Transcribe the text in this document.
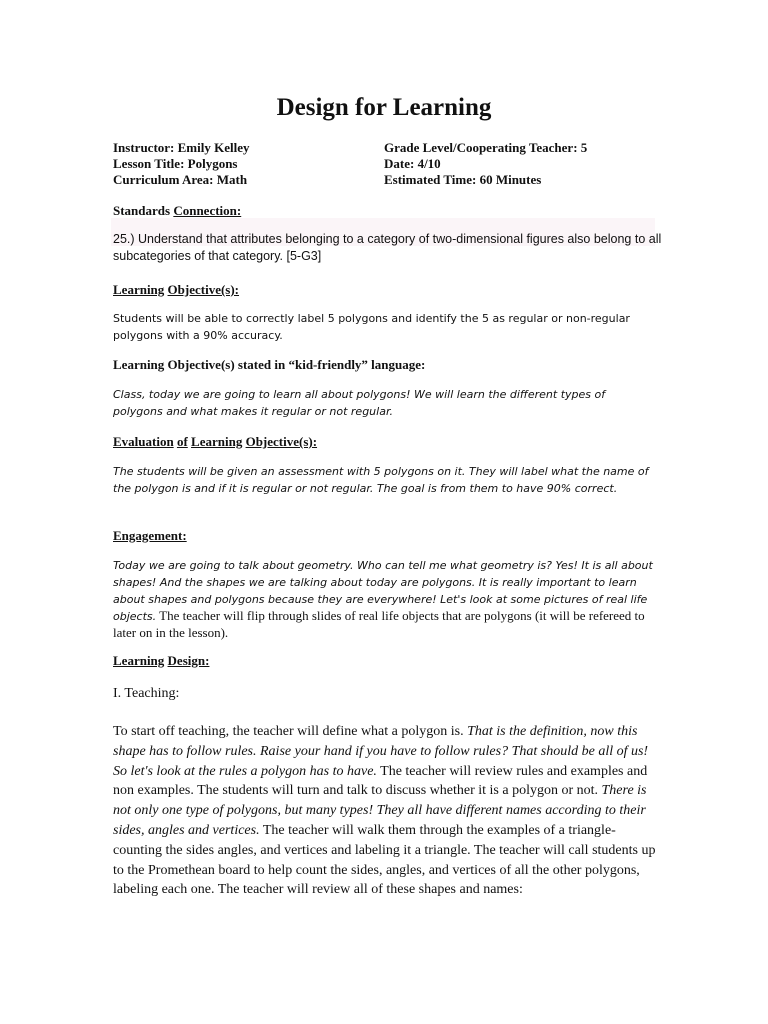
Design for Learning
Instructor: Emily Kelley
Lesson Title: Polygons
Curriculum Area: Math
Grade Level/Cooperating Teacher: 5
Date: 4/10
Estimated Time: 60 Minutes
Standards Connection:
25.) Understand that attributes belonging to a category of two-dimensional figures also belong to all subcategories of that category. [5-G3]
Learning Objective(s):
Students will be able to correctly label 5 polygons and identify the 5 as regular or non-regular polygons with a 90% accuracy.
Learning Objective(s) stated in “kid-friendly” language:
Class, today we are going to learn all about polygons! We will learn the different types of polygons and what makes it regular or not regular.
Evaluation of Learning Objective(s):
The students will be given an assessment with 5 polygons on it. They will label what the name of the polygon is and if it is regular or not regular. The goal is from them to have 90% correct.
Engagement:
Today we are going to talk about geometry. Who can tell me what geometry is? Yes! It is all about shapes! And the shapes we are talking about today are polygons. It is really important to learn about shapes and polygons because they are everywhere! Let's look at some pictures of real life objects. The teacher will flip through slides of real life objects that are polygons (it will be refereed to later on in the lesson).
Learning Design:
I. Teaching:
To start off teaching, the teacher will define what a polygon is. That is the definition, now this shape has to follow rules. Raise your hand if you have to follow rules? That should be all of us! So let's look at the rules a polygon has to have. The teacher will review rules and examples and non examples. The students will turn and talk to discuss whether it is a polygon or not. There is not only one type of polygons, but many types! They all have different names according to their sides, angles and vertices. The teacher will walk them through the examples of a triangle- counting the sides angles, and vertices and labeling it a triangle. The teacher will call students up to the Promethean board to help count the sides, angles, and vertices of all the other polygons, labeling each one. The teacher will review all of these shapes and names:
